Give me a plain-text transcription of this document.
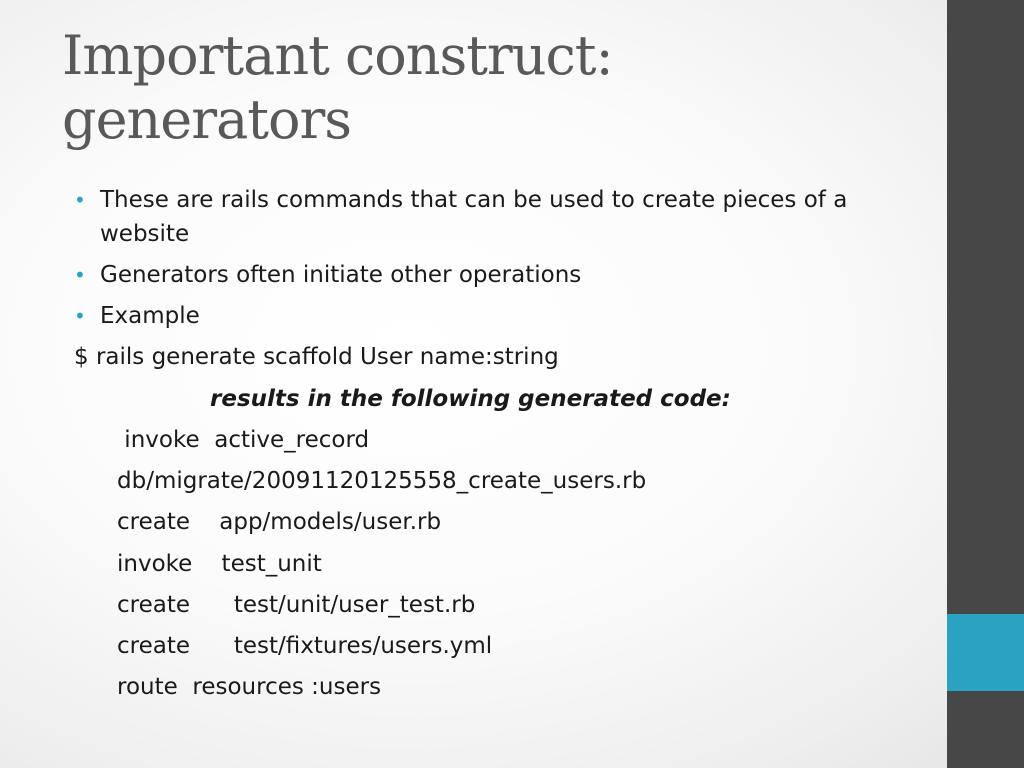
Important construct:
generators
• These are rails commands that can be used to create pieces of a website
• Generators often initiate other operations
• Example
$ rails generate scaffold User name:string
results in the following generated code:
invoke  active_record
db/migrate/20091120125558_create_users.rb
create    app/models/user.rb
invoke    test_unit
create      test/unit/user_test.rb
create      test/fixtures/users.yml
route  resources :users
